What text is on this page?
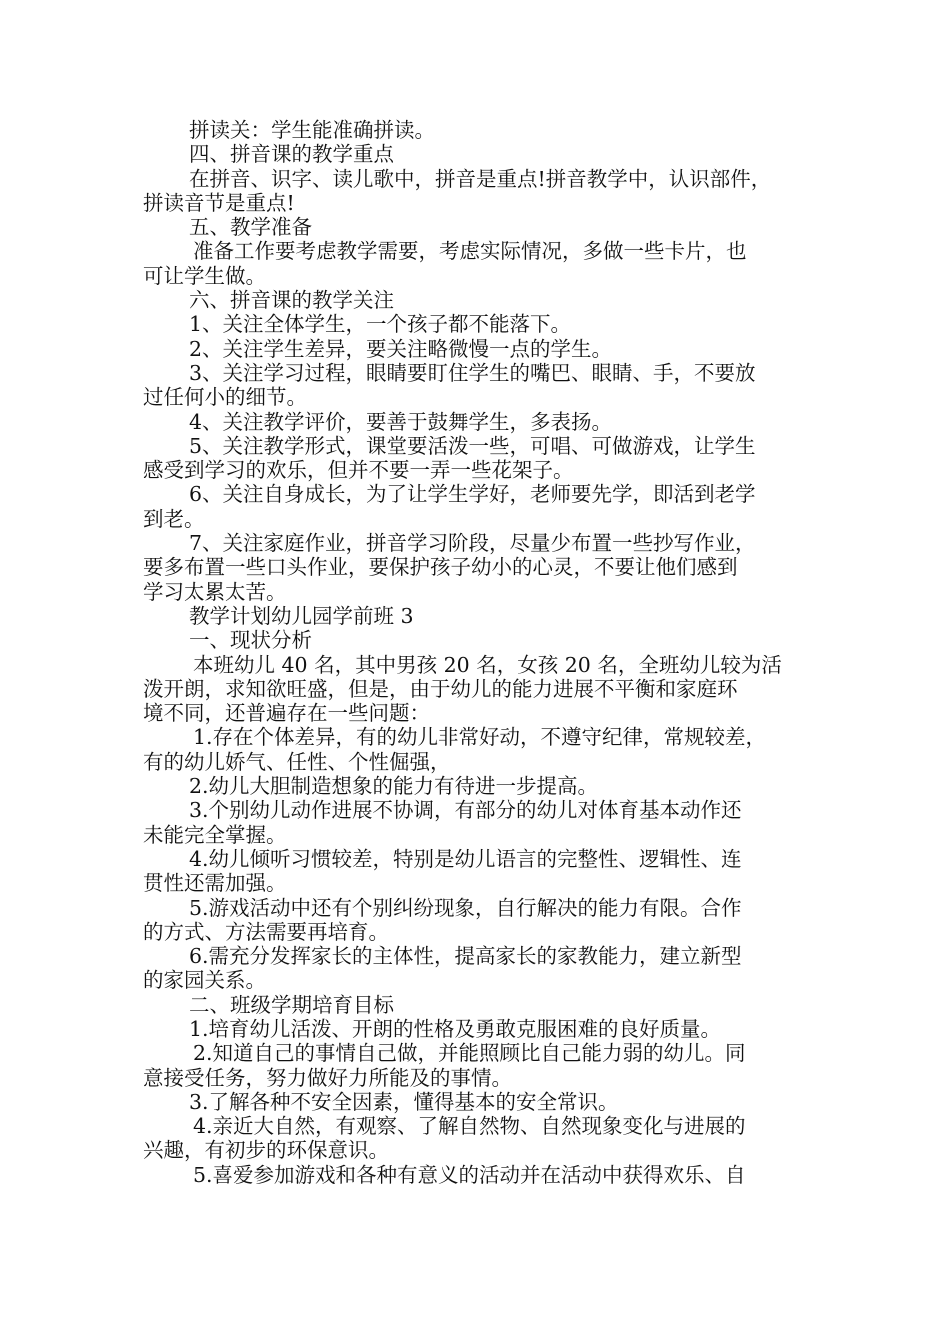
拼读关：学生能准确拼读。
四、拼音课的教学重点
在拼音、识字、读儿歌中，拼音是重点!拼音教学中，认识部件，
拼读音节是重点!
五、教学准备
准备工作要考虑教学需要，考虑实际情况，多做一些卡片，也
可让学生做。
六、拼音课的教学关注
1、关注全体学生，一个孩子都不能落下。
2、关注学生差异，要关注略微慢一点的学生。
3、关注学习过程，眼睛要盯住学生的嘴巴、眼睛、手，不要放
过任何小的细节。
4、关注教学评价，要善于鼓舞学生，多表扬。
5、关注教学形式，课堂要活泼一些，可唱、可做游戏，让学生
感受到学习的欢乐，但并不要一弄一些花架子。
6、关注自身成长，为了让学生学好，老师要先学，即活到老学
到老。
7、关注家庭作业，拼音学习阶段，尽量少布置一些抄写作业，
要多布置一些口头作业，要保护孩子幼小的心灵，不要让他们感到
学习太累太苦。
教学计划幼儿园学前班 3
一、现状分析
本班幼儿 40 名，其中男孩 20 名，女孩 20 名，全班幼儿较为活
泼开朗，求知欲旺盛，但是，由于幼儿的能力进展不平衡和家庭环
境不同，还普遍存在一些问题：
1.存在个体差异，有的幼儿非常好动，不遵守纪律，常规较差，
有的幼儿娇气、任性、个性倔强，
2.幼儿大胆制造想象的能力有待进一步提高。
3.个别幼儿动作进展不协调，有部分的幼儿对体育基本动作还
未能完全掌握。
4.幼儿倾听习惯较差，特别是幼儿语言的完整性、逻辑性、连
贯性还需加强。
5.游戏活动中还有个别纠纷现象，自行解决的能力有限。合作
的方式、方法需要再培育。
6.需充分发挥家长的主体性，提高家长的家教能力，建立新型
的家园关系。
二、班级学期培育目标
1.培育幼儿活泼、开朗的性格及勇敢克服困难的良好质量。
2.知道自己的事情自己做，并能照顾比自己能力弱的幼儿。同
意接受任务，努力做好力所能及的事情。
3.了解各种不安全因素，懂得基本的安全常识。
4.亲近大自然，有观察、了解自然物、自然现象变化与进展的
兴趣，有初步的环保意识。
5.喜爱参加游戏和各种有意义的活动并在活动中获得欢乐、自
